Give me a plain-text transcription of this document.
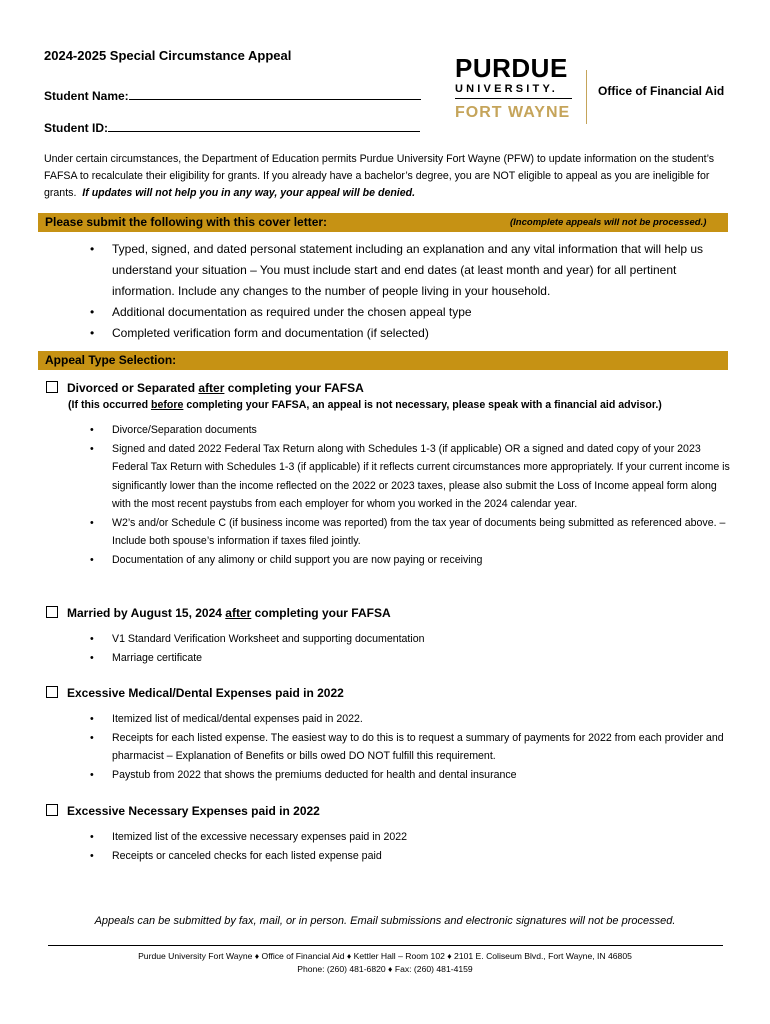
2024-2025 Special Circumstance Appeal
Student Name:
Student ID:
PURDUE
UNIVERSITY.
FORT WAYNE
Office of Financial Aid
Under certain circumstances, the Department of Education permits Purdue University Fort Wayne (PFW) to update information on the student’s FAFSA to recalculate their eligibility for grants. If you already have a bachelor’s degree, you are NOT eligible to appeal as you are ineligible for grants. If updates will not help you in any way, your appeal will be denied.
Please submit the following with this cover letter:	(Incomplete appeals will not be processed.)
• Typed, signed, and dated personal statement including an explanation and any vital information that will help us understand your situation – You must include start and end dates (at least month and year) for all pertinent information. Include any changes to the number of people living in your household.
• Additional documentation as required under the chosen appeal type
• Completed verification form and documentation (if selected)
Appeal Type Selection:
Divorced or Separated after completing your FAFSA
(If this occurred before completing your FAFSA, an appeal is not necessary, please speak with a financial aid advisor.)
• Divorce/Separation documents
• Signed and dated 2022 Federal Tax Return along with Schedules 1-3 (if applicable) OR a signed and dated copy of your 2023 Federal Tax Return with Schedules 1-3 (if applicable) if it reflects current circumstances more appropriately. If your current income is significantly lower than the income reflected on the 2022 or 2023 taxes, please also submit the Loss of Income appeal form along with the most recent paystubs from each employer for whom you worked in the 2024 calendar year.
• W2’s and/or Schedule C (if business income was reported) from the tax year of documents being submitted as referenced above. – Include both spouse’s information if taxes filed jointly.
• Documentation of any alimony or child support you are now paying or receiving
Married by August 15, 2024 after completing your FAFSA
• V1 Standard Verification Worksheet and supporting documentation
• Marriage certificate
Excessive Medical/Dental Expenses paid in 2022
• Itemized list of medical/dental expenses paid in 2022.
• Receipts for each listed expense. The easiest way to do this is to request a summary of payments for 2022 from each provider and pharmacist – Explanation of Benefits or bills owed DO NOT fulfill this requirement.
• Paystub from 2022 that shows the premiums deducted for health and dental insurance
Excessive Necessary Expenses paid in 2022
• Itemized list of the excessive necessary expenses paid in 2022
• Receipts or canceled checks for each listed expense paid
Appeals can be submitted by fax, mail, or in person. Email submissions and electronic signatures will not be processed.
Purdue University Fort Wayne ♦ Office of Financial Aid ♦ Kettler Hall – Room 102 ♦ 2101 E. Coliseum Blvd., Fort Wayne, IN 46805
Phone: (260) 481-6820 ♦ Fax: (260) 481-4159
